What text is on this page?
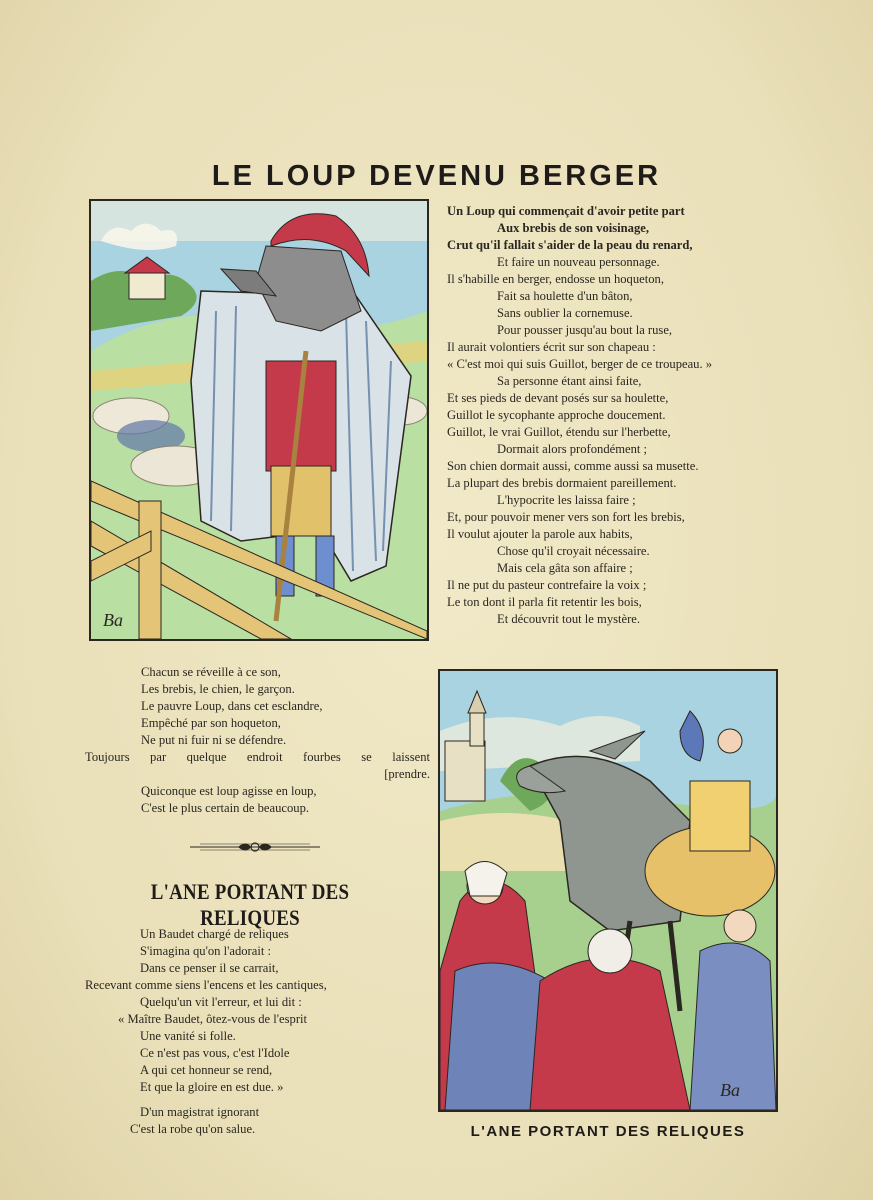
LE LOUP DEVENU BERGER
Ba
Un Loup qui commençait d'avoir petite part
Aux brebis de son voisinage,
Crut qu'il fallait s'aider de la peau du renard,
Et faire un nouveau personnage.
Il s'habille en berger, endosse un hoqueton,
Fait sa houlette d'un bâton,
Sans oublier la cornemuse.
Pour pousser jusqu'au bout la ruse,
Il aurait volontiers écrit sur son chapeau :
« C'est moi qui suis Guillot, berger de ce troupeau. »
Sa personne étant ainsi faite,
Et ses pieds de devant posés sur sa houlette,
Guillot le sycophante approche doucement.
Guillot, le vrai Guillot, étendu sur l'herbette,
Dormait alors profondément ;
Son chien dormait aussi, comme aussi sa musette.
La plupart des brebis dormaient pareillement.
L'hypocrite les laissa faire ;
Et, pour pouvoir mener vers son fort les brebis,
Il voulut ajouter la parole aux habits,
Chose qu'il croyait nécessaire.
Mais cela gâta son affaire ;
Il ne put du pasteur contrefaire la voix ;
Le ton dont il parla fit retentir les bois,
Et découvrit tout le mystère.
Chacun se réveille à ce son,
Les brebis, le chien, le garçon.
Le pauvre Loup, dans cet esclandre,
Empêché par son hoqueton,
Ne put ni fuir ni se défendre.
Toujours par quelque endroit fourbes se laissent
[prendre.
Quiconque est loup agisse en loup,
C'est le plus certain de beaucoup.
L'ANE PORTANT DES RELIQUES
Un Baudet chargé de reliques
S'imagina qu'on l'adorait :
Dans ce penser il se carrait,
Recevant comme siens l'encens et les cantiques,
Quelqu'un vit l'erreur, et lui dit :
« Maître Baudet, ôtez-vous de l'esprit
Une vanité si folle.
Ce n'est pas vous, c'est l'Idole
A qui cet honneur se rend,
Et que la gloire en est due. »
D'un magistrat ignorant
C'est la robe qu'on salue.
Ba
L'ANE PORTANT DES RELIQUES
